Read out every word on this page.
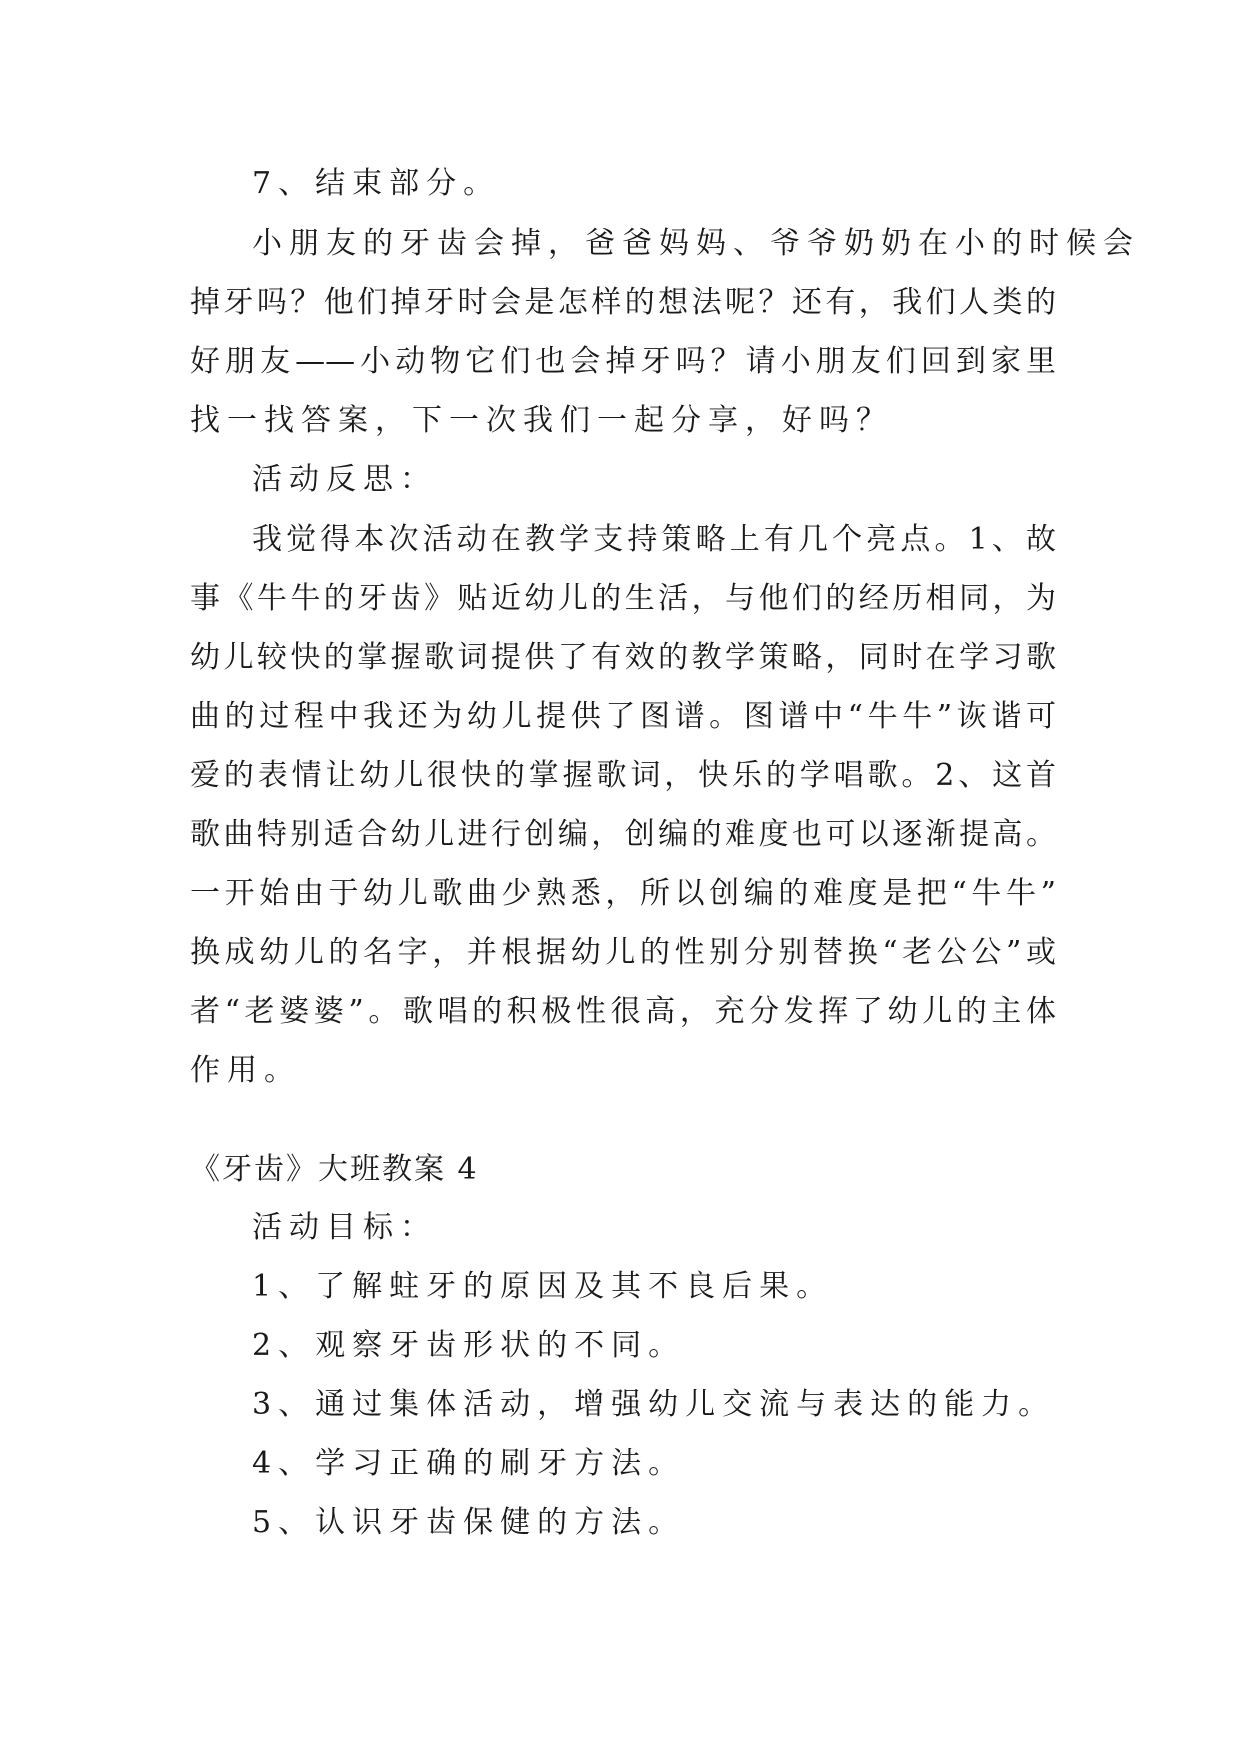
7、结束部分。
小朋友的牙齿会掉，爸爸妈妈、爷爷奶奶在小的时候会
掉牙吗？他们掉牙时会是怎样的想法呢？还有，我们人类的
好朋友——小动物它们也会掉牙吗？请小朋友们回到家里
找一找答案，下一次我们一起分享，好吗？
活动反思：
我觉得本次活动在教学支持策略上有几个亮点。1、故
事《牛牛的牙齿》贴近幼儿的生活，与他们的经历相同，为
幼儿较快的掌握歌词提供了有效的教学策略，同时在学习歌
曲的过程中我还为幼儿提供了图谱。图谱中“牛牛”诙谐可
爱的表情让幼儿很快的掌握歌词，快乐的学唱歌。2、这首
歌曲特别适合幼儿进行创编，创编的难度也可以逐渐提高。
一开始由于幼儿歌曲少熟悉，所以创编的难度是把“牛牛”
换成幼儿的名字，并根据幼儿的性别分别替换“老公公”或
者“老婆婆”。歌唱的积极性很高，充分发挥了幼儿的主体
作用。
《牙齿》大班教案 4
活动目标：
1、了解蛀牙的原因及其不良后果。
2、观察牙齿形状的不同。
3、通过集体活动，增强幼儿交流与表达的能力。
4、学习正确的刷牙方法。
5、认识牙齿保健的方法。
